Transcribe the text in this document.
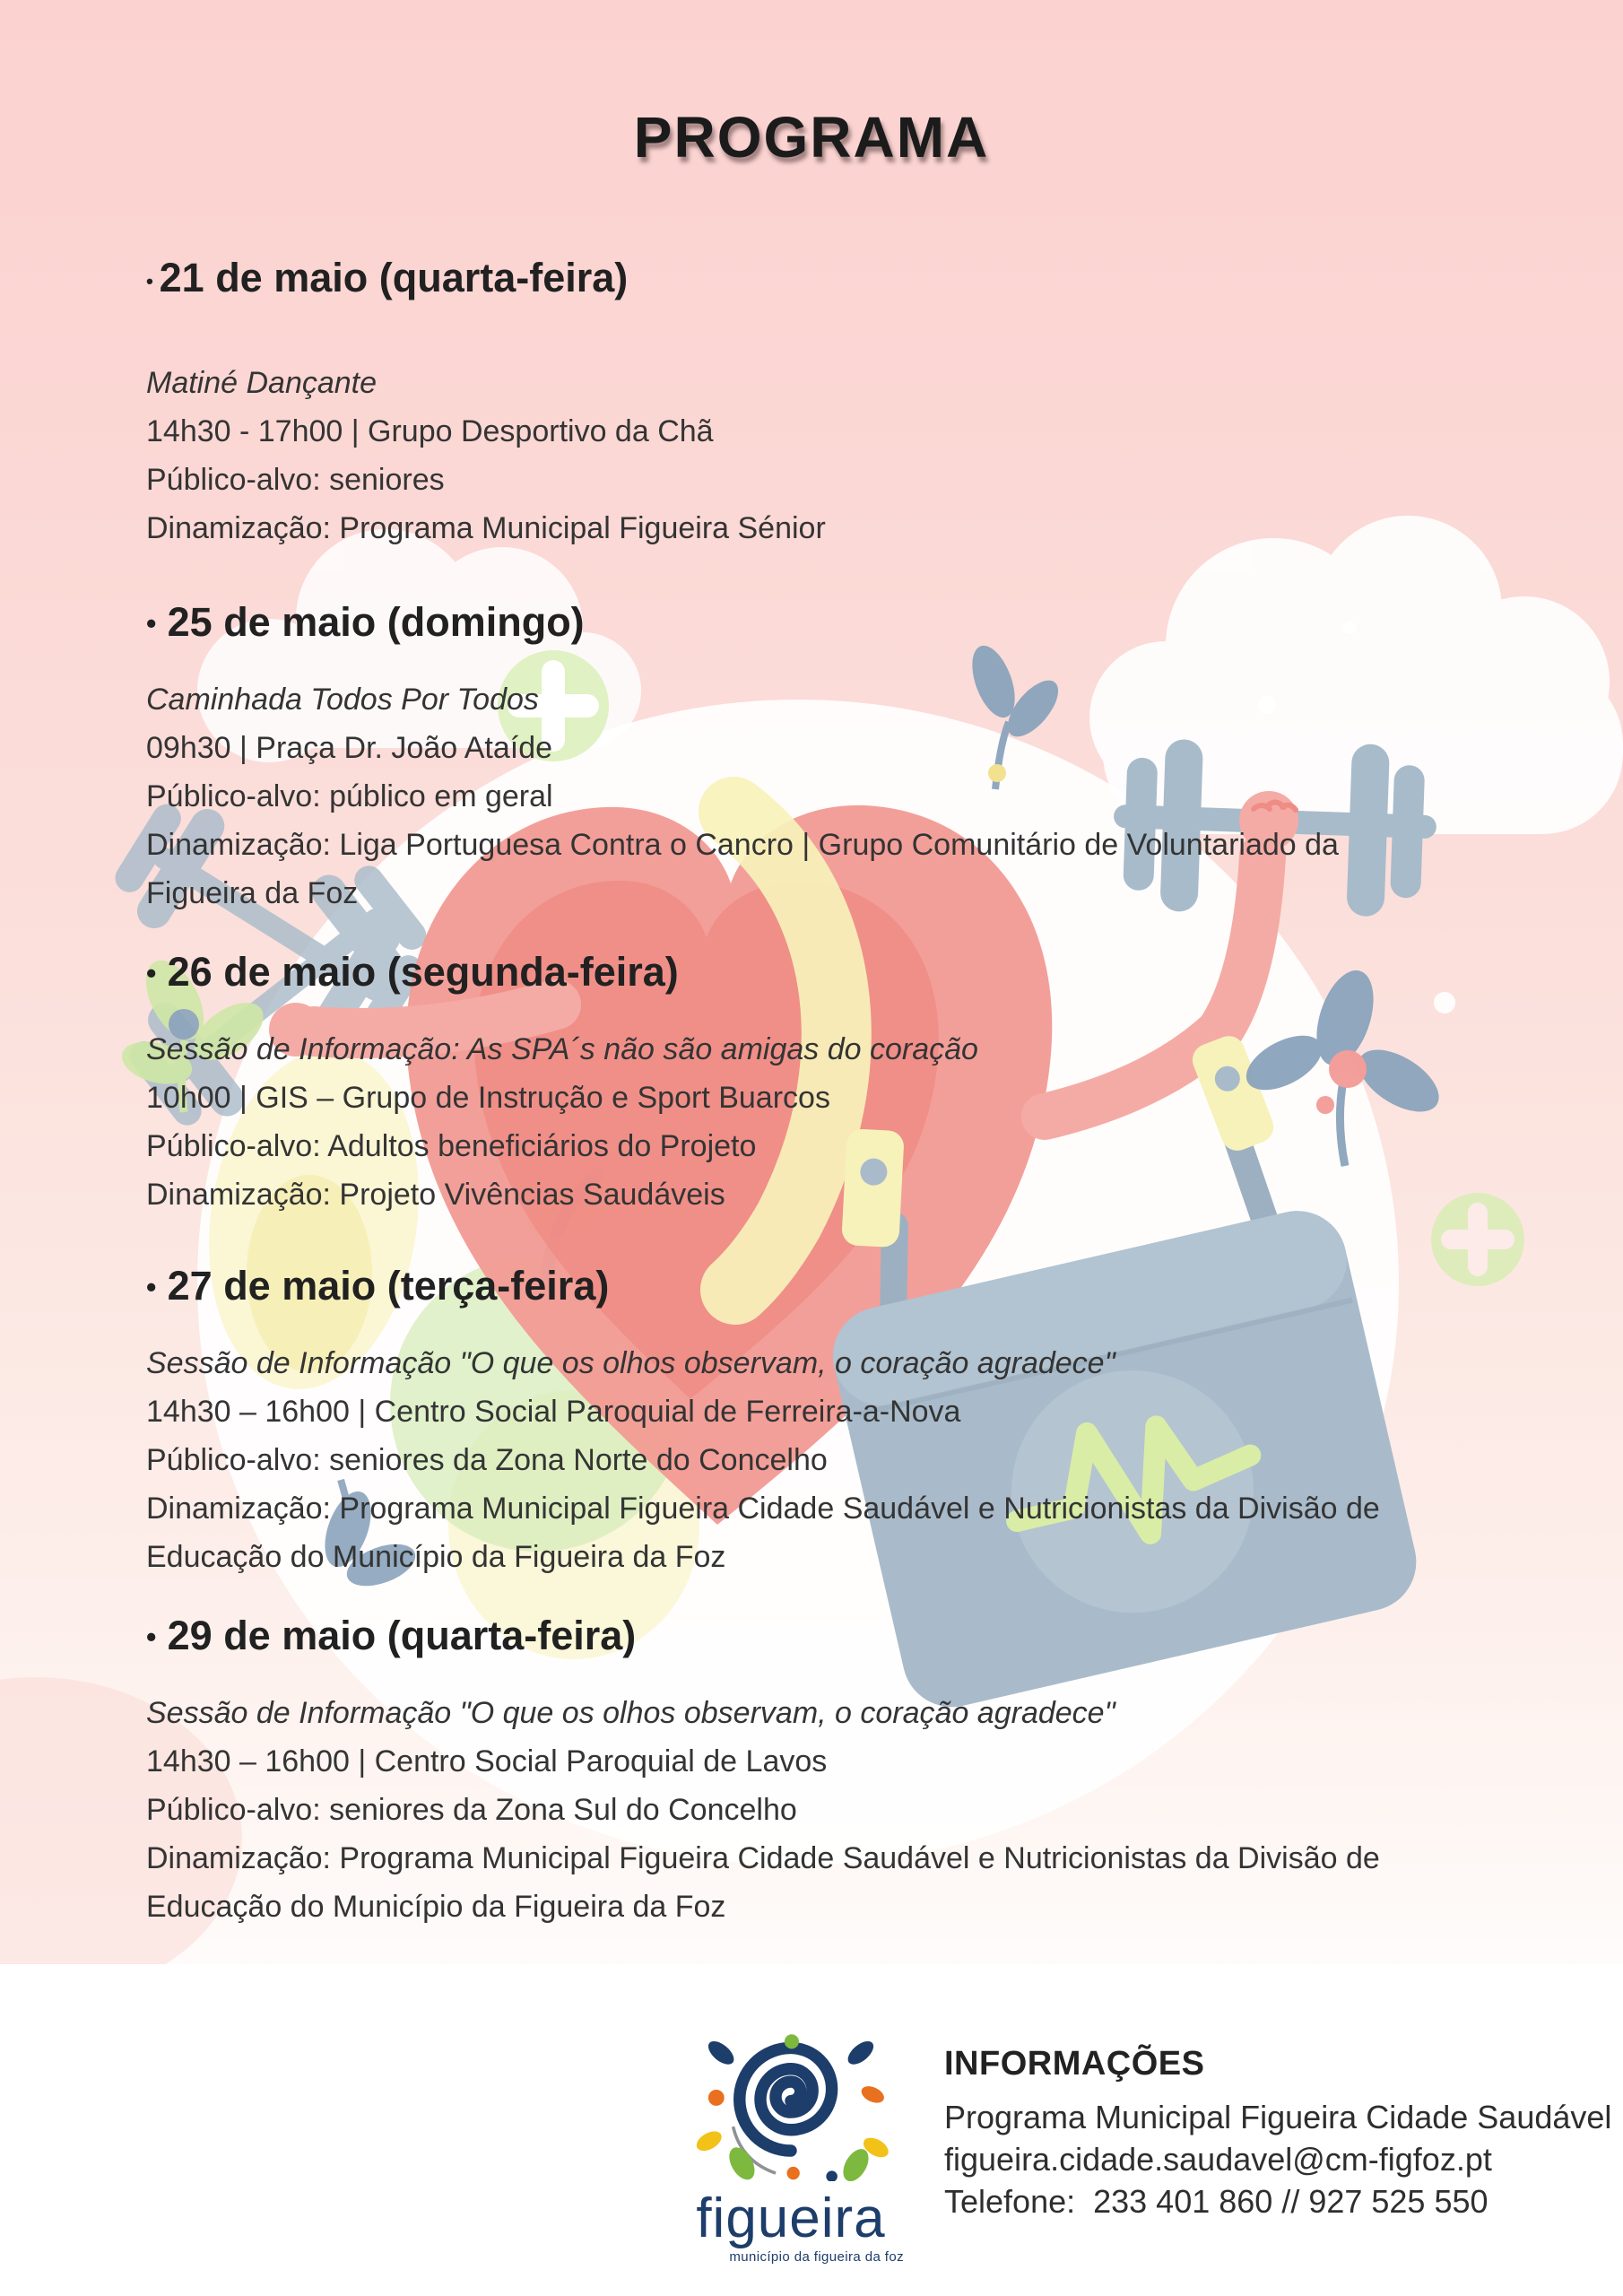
PROGRAMA
• 21 de maio (quarta-feira)

Matiné Dançante

14h30 - 17h00 | Grupo Desportivo da Chã

Público-alvo: seniores

Dinamização: Programa Municipal Figueira Sénior

• 25 de maio (domingo)

Caminhada Todos Por Todos

09h30 | Praça Dr. João Ataíde

Público-alvo: público em geral

Dinamização: Liga Portuguesa Contra o Cancro | Grupo Comunitário de Voluntariado da

Figueira da Foz

• 26 de maio (segunda-feira)

Sessão de Informação: As SPA´s não são amigas do coração

10h00 | GIS – Grupo de Instrução e Sport Buarcos

Público-alvo: Adultos beneficiários do Projeto

Dinamização: Projeto Vivências Saudáveis

• 27 de maio (terça-feira)

Sessão de Informação "O que os olhos observam, o coração agradece"

14h30 – 16h00 | Centro Social Paroquial de Ferreira-a-Nova

Público-alvo: seniores da Zona Norte do Concelho

Dinamização: Programa Municipal Figueira Cidade Saudável e Nutricionistas da Divisão de

Educação do Município da Figueira da Foz

• 29 de maio (quarta-feira)

Sessão de Informação "O que os olhos observam, o coração agradece"

14h30 – 16h00 | Centro Social Paroquial de Lavos

Público-alvo: seniores da Zona Sul do Concelho

Dinamização: Programa Municipal Figueira Cidade Saudável e Nutricionistas da Divisão de

Educação do Município da Figueira da Foz

figueira
município da figueira da foz

INFORMAÇÕES

Programa Municipal Figueira Cidade Saudável

figueira.cidade.saudavel@cm-figfoz.pt

Telefone:  233 401 860 // 927 525 550
